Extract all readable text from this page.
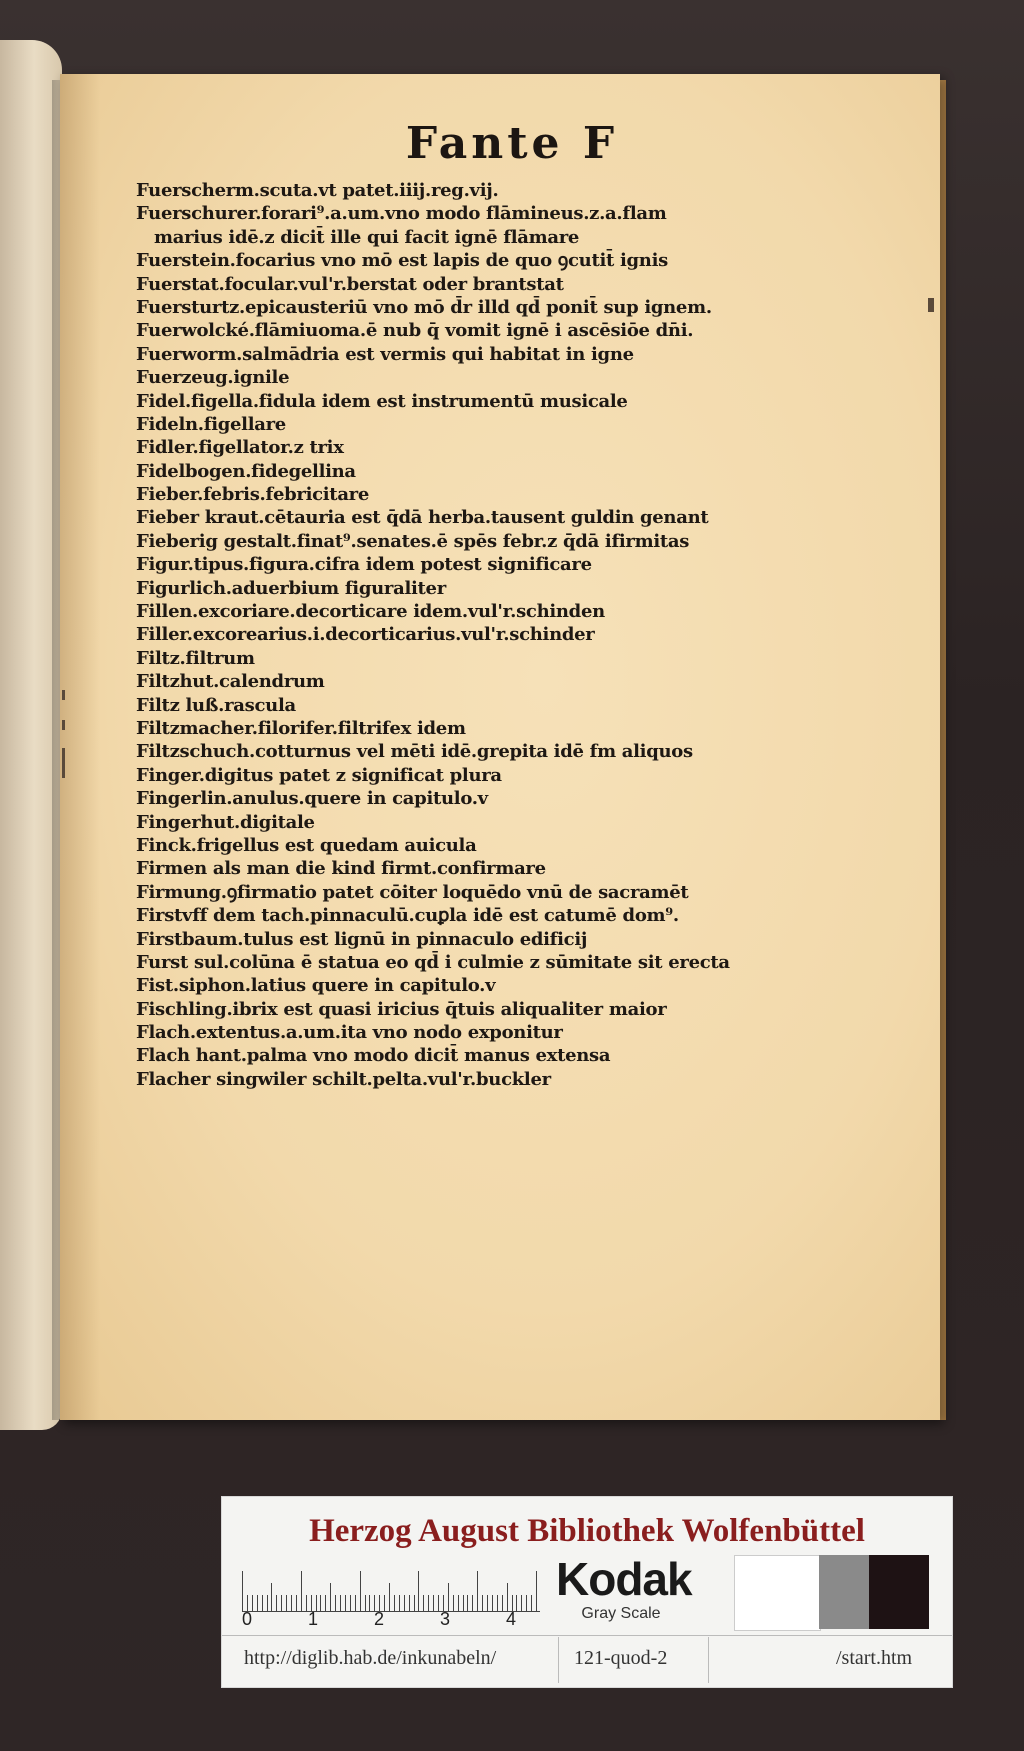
Fante F
Fuerscherm.scuta.vt patet.iiij.reg.vij.
Fuerschurer.forari⁹.a.um.vno modo flāmineus.z.a.flam
marius idē.z dicit̄ ille qui facit ignē flāmare
Fuerstein.focarius vno mō est lapis de quo ꝯcutit̄ ignis
Fuerstat.focular.vul'r.berstat oder brantstat
Fuersturtz.epicausteriū vno mō d̄r illd qd̄ ponit̄ sup ignem.
Fuerwolcké.flāmiuoma.ē nub q̄ vomit ignē i ascēsiōe dn̄i.
Fuerworm.salmādria est vermis qui habitat in igne
Fuerzeug.ignile
Fidel.figella.fidula idem est instrumentū musicale
Fideln.figellare
Fidler.figellator.z trix
Fidelbogen.fidegellina
Fieber.febris.febricitare
Fieber kraut.cētauria est q̄dā herba.tausent guldin genant
Fieberig gestalt.finat⁹.senates.ē spēs febr.z q̄dā ifirmitas
Figur.tipus.figura.cifra idem potest significare
Figurlich.aduerbium figuraliter
Fillen.excoriare.decorticare idem.vul'r.schinden
Filler.excorearius.i.decorticarius.vul'r.schinder
Filtz.filtrum
Filtzhut.calendrum
Filtz luß.rascula
Filtzmacher.filorifer.filtrifex idem
Filtzschuch.cotturnus vel mēti idē.grepita idē fm aliquos
Finger.digitus patet z significat plura
Fingerlin.anulus.quere in capitulo.v
Fingerhut.digitale
Finck.frigellus est quedam auicula
Firmen als man die kind firmt.confirmare
Firmung.ꝯfirmatio patet cōiter loquēdo vnū de sacramēt
Firstvff dem tach.pinnaculū.cuꝑla idē est catumē dom⁹.
Firstbaum.tulus est lignū in pinnaculo edificij
Furst sul.colūna ē statua eo qd̄ i culmie z sūmitate sit erecta
Fist.siphon.latius quere in capitulo.v
Fischling.ibrix est quasi iricius q̄tuis aliqualiter maior
Flach.extentus.a.um.ita vno nodo exponitur
Flach hant.palma vno modo dicit̄ manus extensa
Flacher singwiler schilt.pelta.vul'r.buckler
Herzog August Bibliothek Wolfenbüttel
0	1	2	3	4
Kodak
Gray Scale
http://diglib.hab.de/inkunabeln/	121-quod-2	/start.htm
